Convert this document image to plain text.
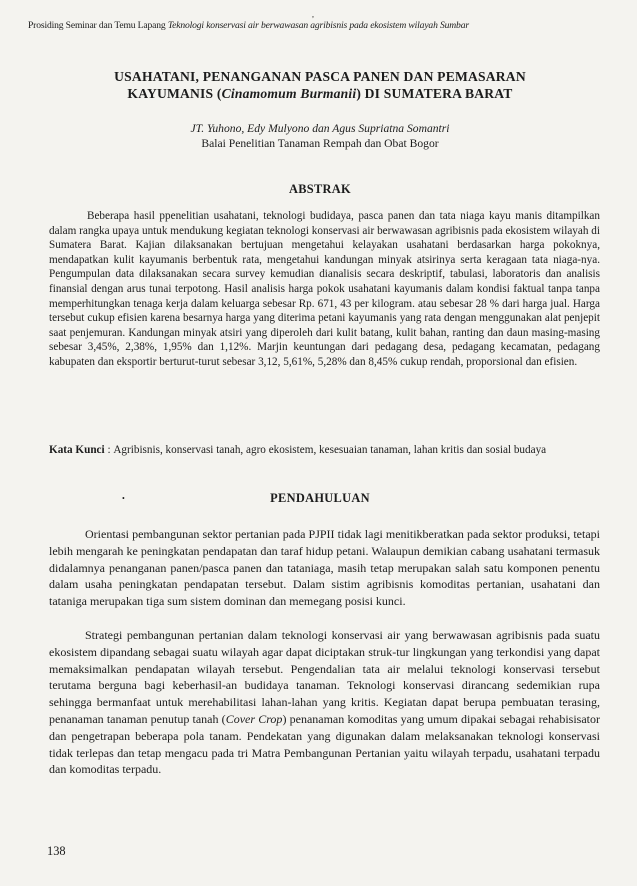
,
Prosiding Seminar dan Temu Lapang Teknologi konservasi air berwawasan agribisnis pada ekosistem wilayah Sumbar
USAHATANI, PENANGANAN PASCA PANEN DAN PEMASARAN
KAYUMANIS (Cinamomum Burmanii) DI SUMATERA BARAT
JT. Yuhono, Edy Mulyono dan Agus Supriatna Somantri
Balai Penelitian Tanaman Rempah dan Obat Bogor
ABSTRAK
Beberapa hasil ppenelitian usahatani, teknologi budidaya, pasca panen dan tata niaga kayu manis ditampilkan dalam rangka upaya untuk mendukung kegiatan teknologi konservasi air berwawasan agribisnis pada ekosistem wilayah di Sumatera Barat. Kajian dilaksanakan bertujuan mengetahui kelayakan usahatani berdasarkan harga pokoknya, mendapatkan kulit kayumanis berbentuk rata, mengetahui kandungan minyak atsirinya serta keragaan tata niaga-nya. Pengumpulan data dilaksanakan secara survey kemudian dianalisis secara deskriptif, tabulasi, laboratoris dan analisis finansial dengan arus tunai terpotong. Hasil analisis harga pokok usahatani kayumanis dalam kondisi faktual tanpa tanpa memperhitungkan tenaga kerja dalam keluarga sebesar Rp. 671, 43 per kilogram. atau sebesar 28 % dari harga jual. Harga tersebut cukup efisien karena besarnya harga yang diterima petani kayumanis yang rata dengan menggunakan alat penjepit saat penjemuran. Kandungan minyak atsiri yang diperoleh dari kulit batang, kulit bahan, ranting dan daun masing-masing sebesar 3,45%, 2,38%, 1,95% dan 1,12%. Marjin keuntungan dari pedagang desa, pedagang kecamatan, pedagang kabupaten dan eksportir berturut-turut sebesar 3,12, 5,61%, 5,28% dan 8,45% cukup rendah, proporsional dan efisien.
Kata Kunci : Agribisnis, konservasi tanah, agro ekosistem, kesesuaian tanaman, lahan kritis dan sosial budaya
•	PENDAHULUAN
Orientasi pembangunan sektor pertanian pada PJPII tidak lagi menitikberatkan pada sektor produksi, tetapi lebih mengarah ke peningkatan pendapatan dan taraf hidup petani. Walaupun demikian cabang usahatani termasuk didalamnya penanganan panen/pasca panen dan tataniaga, masih tetap merupakan salah satu komponen penentu dalam usaha peningkatan pendapatan tersebut. Dalam sistim agribisnis komoditas pertanian, usahatani dan tataniga merupakan tiga sum sistem dominan dan memegang posisi kunci.
Strategi pembangunan pertanian dalam teknologi konservasi air yang berwawasan agribisnis pada suatu ekosistem dipandang sebagai suatu wilayah agar dapat diciptakan struk-tur lingkungan yang terkondisi yang dapat memaksimalkan pendapatan wilayah tersebut. Pengendalian tata air melalui teknologi konservasi tersebut terutama berguna bagi keberhasil-an budidaya tanaman. Teknologi konservasi dirancang sedemikian rupa sehingga bermanfaat untuk merehabilitasi lahan-lahan yang kritis. Kegiatan dapat berupa pembuatan terasing, penanaman tanaman penutup tanah (Cover Crop) penanaman komoditas yang umum dipakai sebagai rehabisisator dan pengetrapan beberapa pola tanam. Pendekatan yang digunakan dalam melaksanakan teknologi konservasi tidak terlepas dan tetap mengacu pada tri Matra Pembangunan Pertanian yaitu wilayah terpadu, usahatani terpadu dan komoditas terpadu.
138
